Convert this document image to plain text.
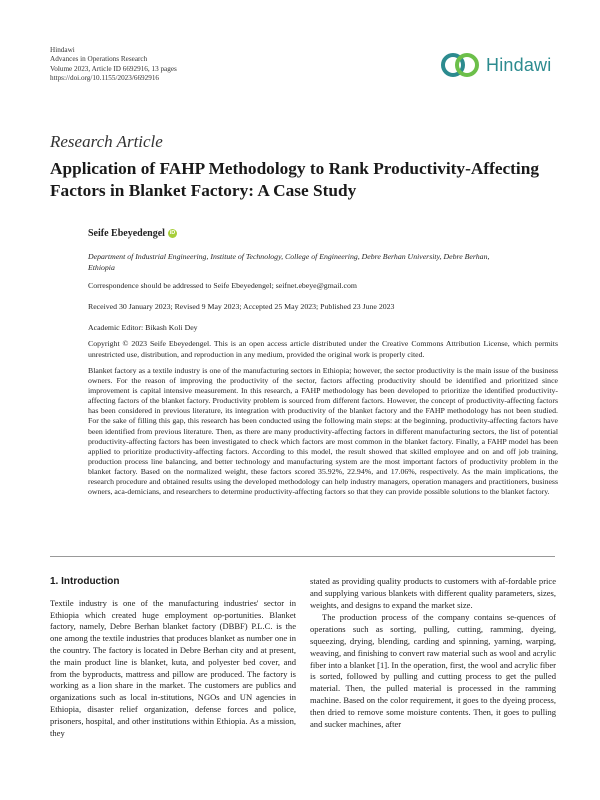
Hindawi
Advances in Operations Research
Volume 2023, Article ID 6692916, 13 pages
https://doi.org/10.1155/2023/6692916
Hindawi
Research Article
Application of FAHP Methodology to Rank Productivity-Affecting Factors in Blanket Factory: A Case Study
Seife Ebeyedengel iD
Department of Industrial Engineering, Institute of Technology, College of Engineering, Debre Berhan University, Debre Berhan, Ethiopia
Correspondence should be addressed to Seife Ebeyedengel; seifnet.ebeye@gmail.com
Received 30 January 2023; Revised 9 May 2023; Accepted 25 May 2023; Published 23 June 2023
Academic Editor: Bikash Koli Dey
Copyright © 2023 Seife Ebeyedengel. This is an open access article distributed under the Creative Commons Attribution License, which permits unrestricted use, distribution, and reproduction in any medium, provided the original work is properly cited.
Blanket factory as a textile industry is one of the manufacturing sectors in Ethiopia; however, the sector productivity is the main issue of the business owners. For the reason of improving the productivity of the sector, factors affecting productivity should be identified and prioritized since improvement is capital intensive measurement. In this research, a FAHP methodology has been developed to prioritize the identified productivity-affecting factors of the blanket factory. Productivity problem is sourced from different factors. However, the concept of productivity-affecting factors has been considered in previous literature, its integration with productivity of the blanket factory and the FAHP methodology has not been studied. For the sake of filling this gap, this research has been conducted using the following main steps: at the beginning, productivity-affecting factors have been identified from previous literature. Then, as there are many productivity-affecting factors in different manufacturing sectors, the list of potential productivity-affecting factors has been investigated to check which factors are most common in the blanket factory. Finally, a FAHP model has been applied to prioritize productivity-affecting factors. According to this model, the result showed that skilled employee and on and off job training, production process line balancing, and better technology and manufacturing system are the most important factors of productivity problem in the blanket factory. Based on the normalized weight, these factors scored 35.92%, 22.94%, and 17.06%, respectively. As the main implications, the research procedure and obtained results using the developed methodology can help industry managers, operation managers and practitioners, business owners, aca-demicians, and researchers to determine productivity-affecting factors so that they can provide possible solutions to the blanket factory.
1. Introduction

Textile industry is one of the manufacturing industries' sector in Ethiopia which created huge employment op-portunities. Blanket factory, namely, Debre Berhan blanket factory (DBBF) P.L.C. is the one among the textile industries that produces blanket as number one in the country. The factory is located in Debre Berhan city and at present, the main product line is blanket, kuta, and polyester bed cover, and from the byproducts, mattress and pillow are produced. The factory is working as a lion share in the market. The customers are publics and organizations such as local in-stitutions, NGOs and UN agencies in Ethiopia, disaster relief organization, defense forces and police, prisoners, hospital, and other institutions within Ethiopia. As a mission, they

stated as providing quality products to customers with af-fordable price and supplying various blankets with different quality parameters, sizes, weights, and designs to expand the market size.

The production process of the company contains se-quences of operations such as sorting, pulling, cutting, ramming, dyeing, squeezing, drying, blending, carding and spinning, yarning, warping, weaving, and finishing to convert raw material such as wool and acrylic fiber into a blanket [1]. In the operation, first, the wool and acrylic fiber is sorted, followed by pulling and cutting process to get the pulled material. Then, the pulled material is processed in the ramming machine. Based on the color requirement, it goes to the dyeing process, then dried to remove some moisture contents. Then, it goes to pulling and sucker machines, after
